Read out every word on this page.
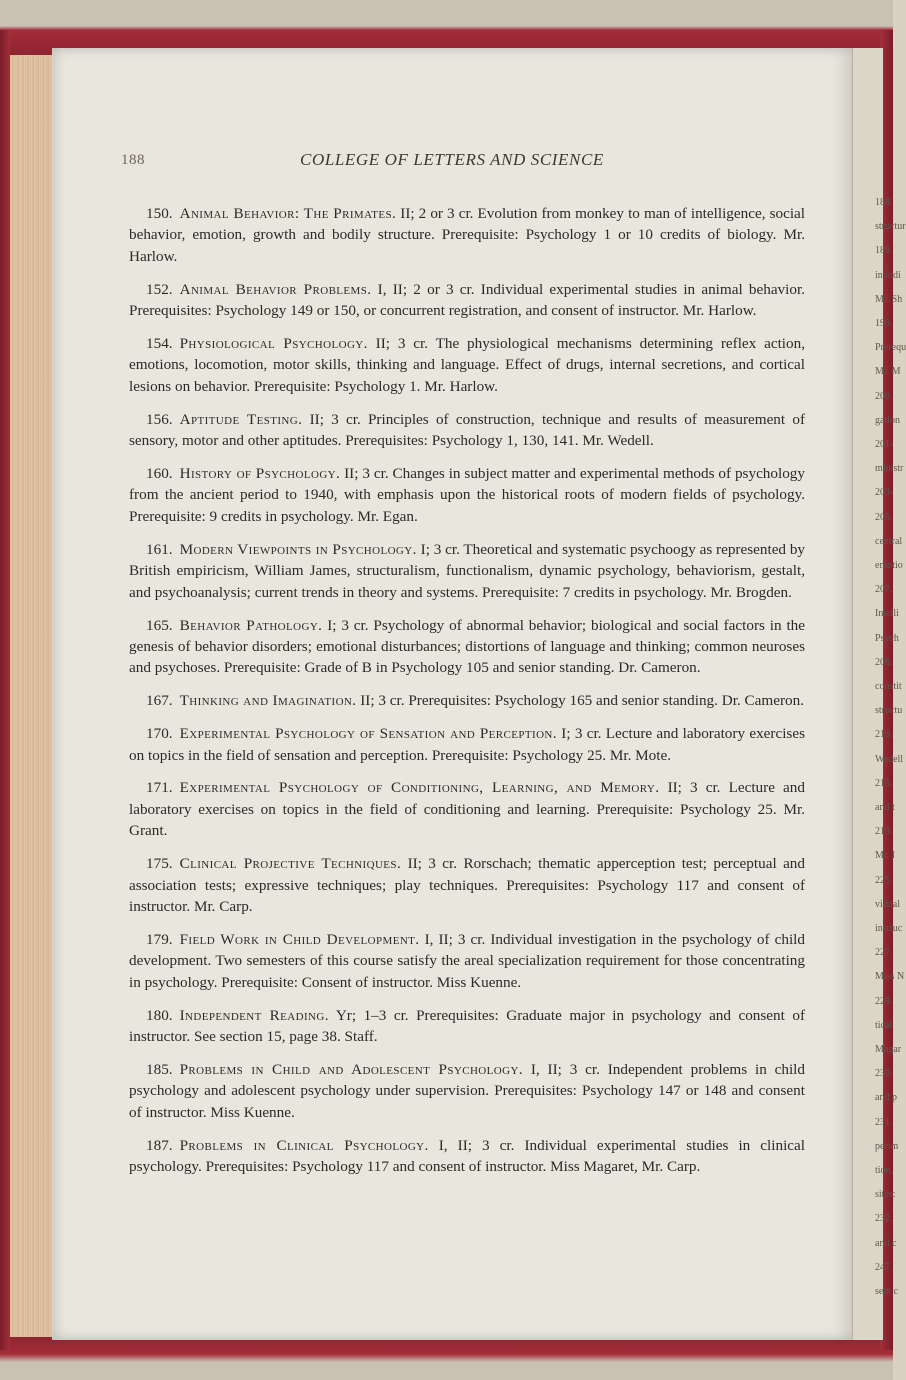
188.
structur
189.
in indi
Mr. Sh
190.
Prerequ
Mr. M
200.
gation
201-
ministr
203-
205.
central
emotio
207.
Intelli
Psych
208.
constit
structu
210.
Wedell
215.
and t
219.
Mr. I
225.
vidual
instruc
227.
Miss N
228.
tical
Magar
230.
and p
231.
perim
tion,
sites:
232.
and c
247.
sent c
188	COLLEGE OF LETTERS AND SCIENCE

150. Animal Behavior: The Primates. II; 2 or 3 cr. Evolution from monkey to man of intelligence, social behavior, emotion, growth and bodily structure. Prerequisite: Psychology 1 or 10 credits of biology. Mr. Harlow.

152. Animal Behavior Problems. I, II; 2 or 3 cr. Individual experimental studies in animal behavior. Prerequisites: Psychology 149 or 150, or concurrent registration, and consent of instructor. Mr. Harlow.

154. Physiological Psychology. II; 3 cr. The physiological mechanisms determining reflex action, emotions, locomotion, motor skills, thinking and language. Effect of drugs, internal secretions, and cortical lesions on behavior. Prerequisite: Psychology 1. Mr. Harlow.

156. Aptitude Testing. II; 3 cr. Principles of construction, technique and results of measurement of sensory, motor and other aptitudes. Prerequisites: Psychology 1, 130, 141. Mr. Wedell.

160. History of Psychology. II; 3 cr. Changes in subject matter and experimental methods of psychology from the ancient period to 1940, with emphasis upon the historical roots of modern fields of psychology. Prerequisite: 9 credits in psychology. Mr. Egan.

161. Modern Viewpoints in Psychology. I; 3 cr. Theoretical and systematic psychoogy as represented by British empiricism, William James, structuralism, functionalism, dynamic psychology, behaviorism, gestalt, and psychoanalysis; current trends in theory and systems. Prerequisite: 7 credits in psychology. Mr. Brogden.

165. Behavior Pathology. I; 3 cr. Psychology of abnormal behavior; biological and social factors in the genesis of behavior disorders; emotional disturbances; distortions of language and thinking; common neuroses and psychoses. Prerequisite: Grade of B in Psychology 105 and senior standing. Dr. Cameron.

167. Thinking and Imagination. II; 3 cr. Prerequisites: Psychology 165 and senior standing. Dr. Cameron.

170. Experimental Psychology of Sensation and Perception. I; 3 cr. Lecture and laboratory exercises on topics in the field of sensation and perception. Prerequisite: Psychology 25. Mr. Mote.

171. Experimental Psychology of Conditioning, Learning, and Memory. II; 3 cr. Lecture and laboratory exercises on topics in the field of conditioning and learning. Prerequisite: Psychology 25. Mr. Grant.

175. Clinical Projective Techniques. II; 3 cr. Rorschach; thematic apperception test; perceptual and association tests; expressive techniques; play techniques. Prerequisites: Psychology 117 and consent of instructor. Mr. Carp.

179. Field Work in Child Development. I, II; 3 cr. Individual investigation in the psychology of child development. Two semesters of this course satisfy the areal specialization requirement for those concentrating in psychology. Prerequisite: Consent of instructor. Miss Kuenne.

180. Independent Reading. Yr; 1–3 cr. Prerequisites: Graduate major in psychology and consent of instructor. See section 15, page 38. Staff.

185. Problems in Child and Adolescent Psychology. I, II; 3 cr. Independent problems in child psychology and adolescent psychology under supervision. Prerequisites: Psychology 147 or 148 and consent of instructor. Miss Kuenne.

187. Problems in Clinical Psychology. I, II; 3 cr. Individual experimental studies in clinical psychology. Prerequisites: Psychology 117 and consent of instructor. Miss Magaret, Mr. Carp.
